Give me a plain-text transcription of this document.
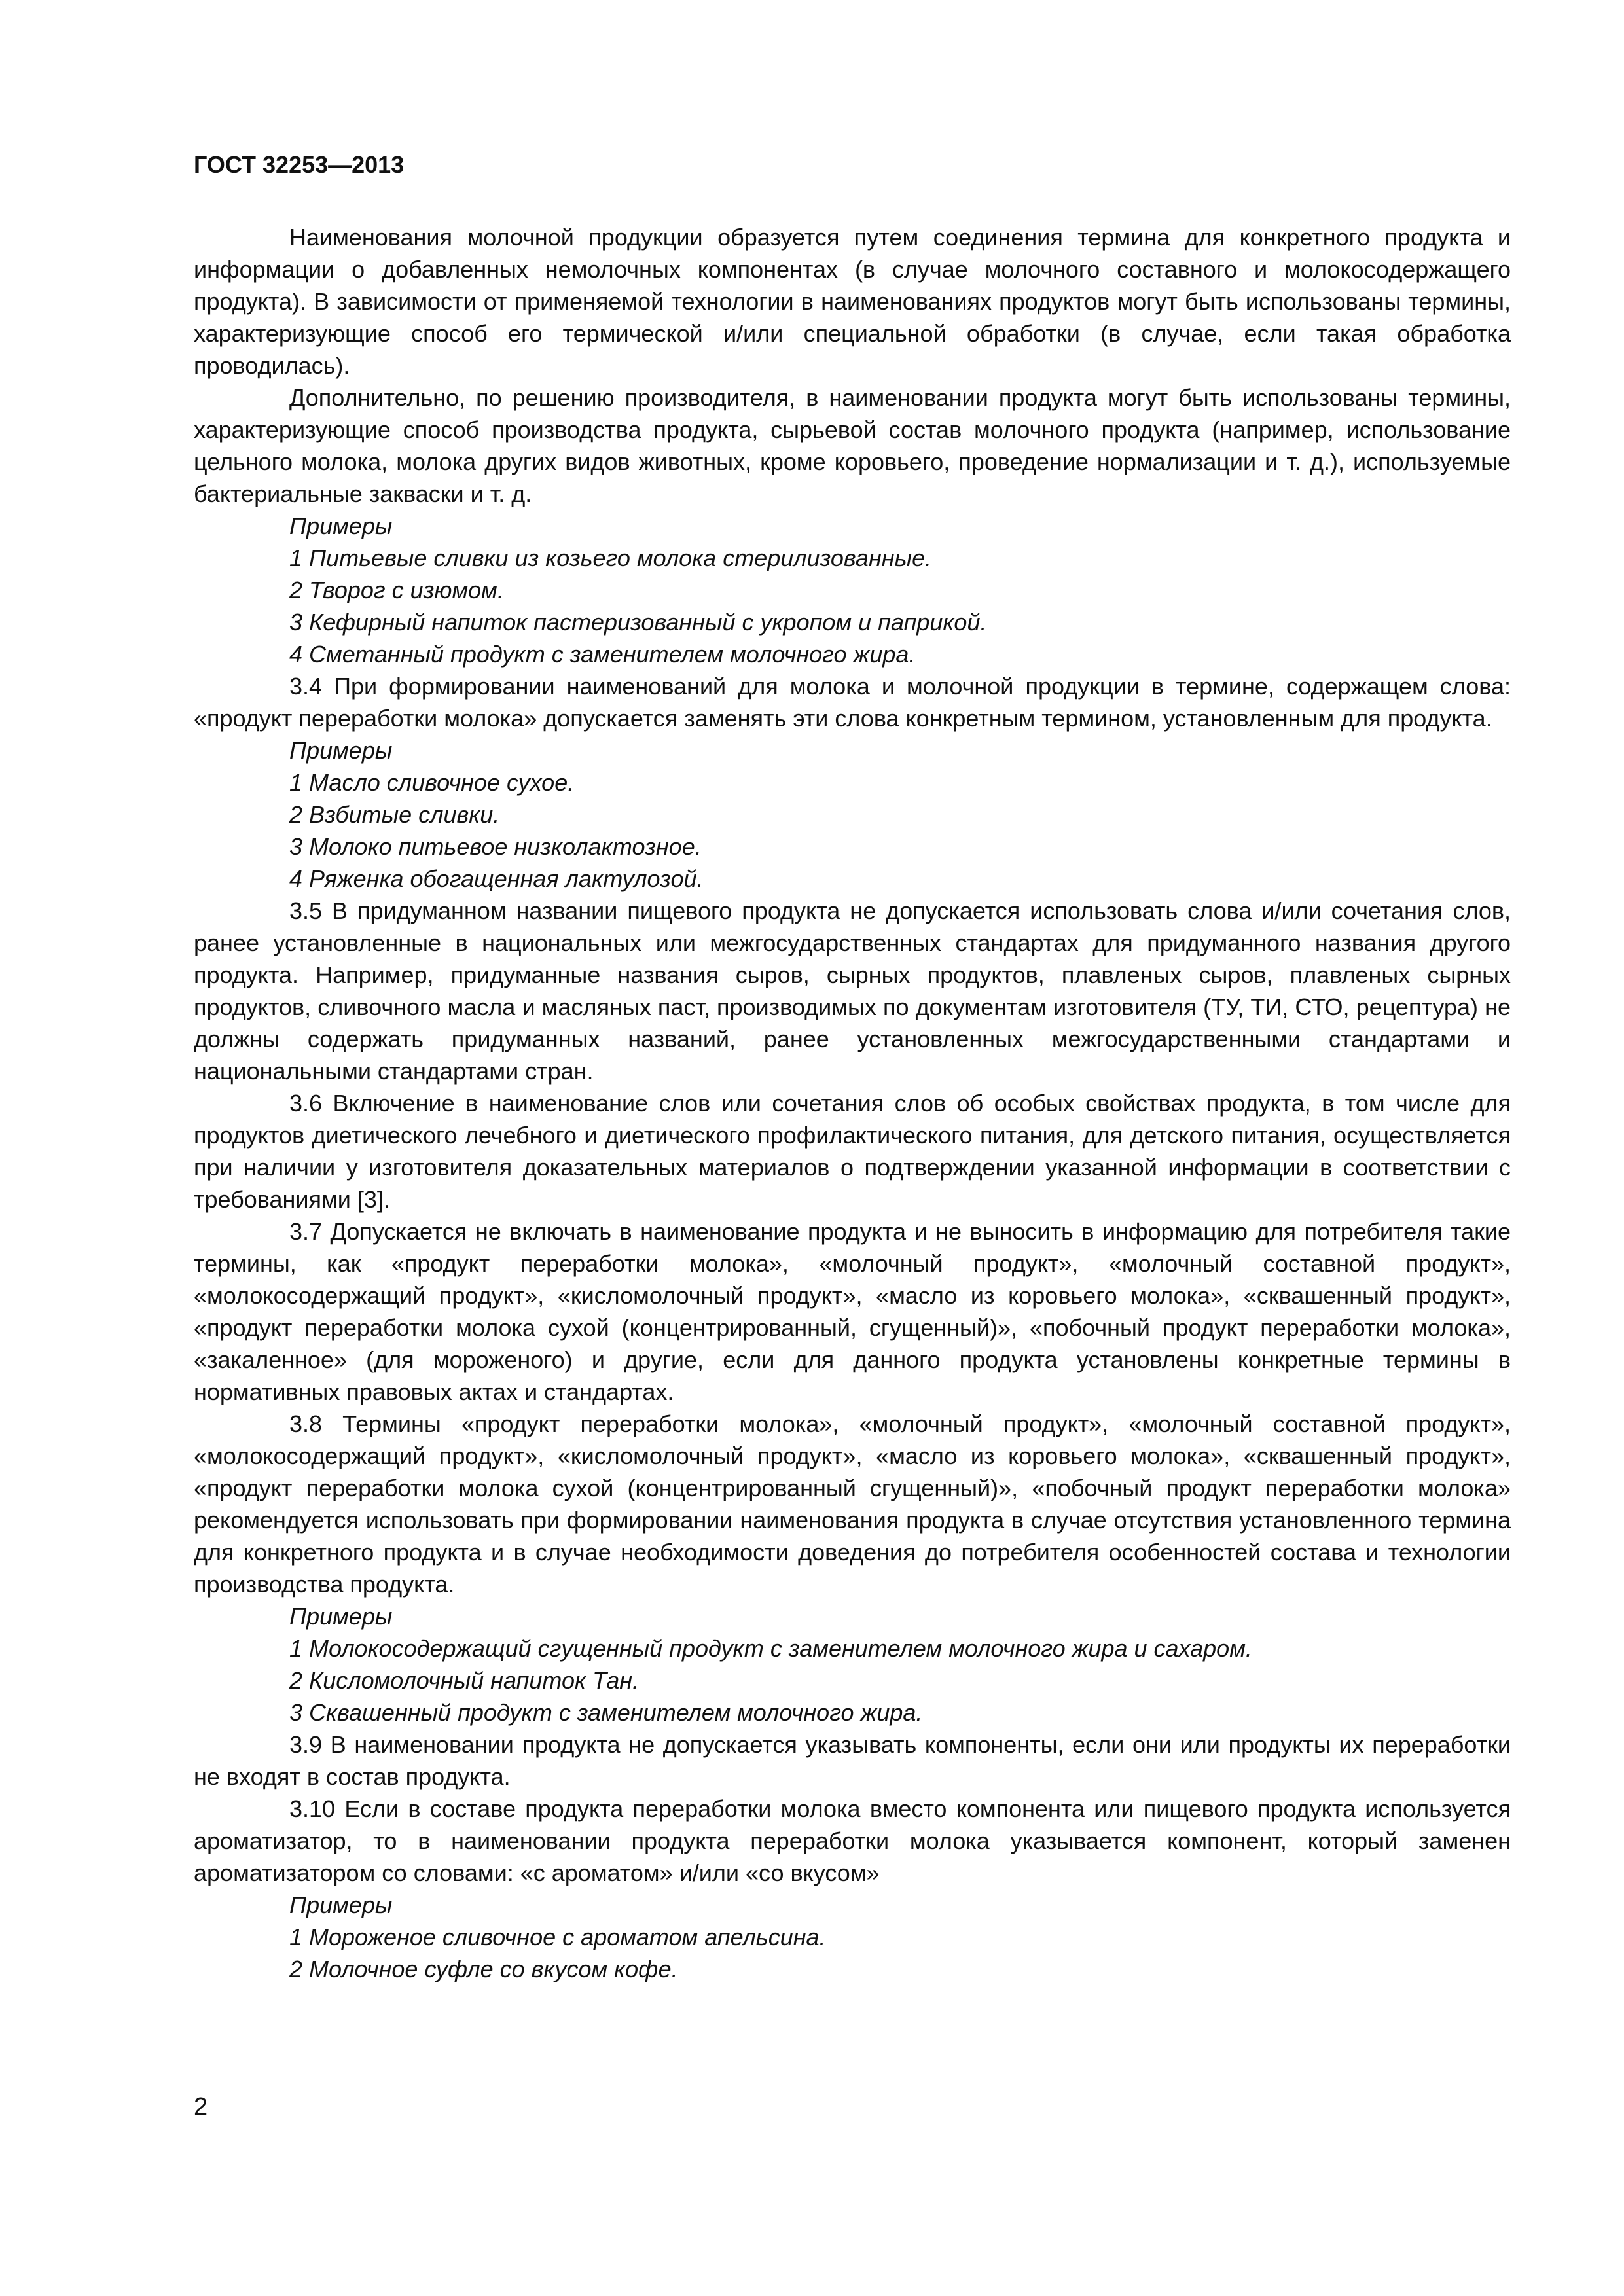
ГОСТ 32253—2013

Наименования молочной продукции образуется путем соединения термина для конкретного продукта и информации о добавленных немолочных компонентах (в случае молочного составного и молокосодержащего продукта). В зависимости от применяемой технологии в наименованиях продуктов могут быть использованы термины, характеризующие способ его термической и/или специальной обработки (в случае, если такая обработка проводилась).

Дополнительно, по решению производителя, в наименовании продукта могут быть использованы термины, характеризующие способ производства продукта, сырьевой состав молочного продукта (например, использование цельного молока, молока других видов животных, кроме коровьего, проведение нормализации и т. д.), используемые бактериальные закваски и т. д.

Примеры

1 Питьевые сливки из козьего молока стерилизованные.

2 Творог с изюмом.

3 Кефирный напиток пастеризованный с укропом и паприкой.

4 Сметанный продукт с заменителем молочного жира.

3.4 При формировании наименований для молока и молочной продукции в термине, содержащем слова: «продукт переработки молока» допускается заменять эти слова конкретным термином, установленным для продукта.

Примеры

1 Масло сливочное сухое.

2 Взбитые сливки.

3 Молоко питьевое низколактозное.

4 Ряженка обогащенная лактулозой.

3.5 В придуманном названии пищевого продукта не допускается использовать слова и/или сочетания слов, ранее установленные в национальных или межгосударственных стандартах для придуманного названия другого продукта. Например, придуманные названия сыров, сырных продуктов, плавленых сыров, плавленых сырных продуктов, сливочного масла и масляных паст, производимых по документам изготовителя (ТУ, ТИ, СТО, рецептура) не должны содержать придуманных названий, ранее установленных межгосударственными стандартами и национальными стандартами стран.

3.6 Включение в наименование слов или сочетания слов об особых свойствах продукта, в том числе для продуктов диетического лечебного и диетического профилактического питания, для детского питания, осуществляется при наличии у изготовителя доказательных материалов о подтверждении указанной информации в соответствии с требованиями [3].

3.7 Допускается не включать в наименование продукта и не выносить в информацию для потребителя такие термины, как «продукт переработки молока», «молочный продукт», «молочный составной продукт», «молокосодержащий продукт», «кисломолочный продукт», «масло из коровьего молока», «сквашенный продукт», «продукт переработки молока сухой (концентрированный, сгущенный)», «побочный продукт переработки молока», «закаленное» (для мороженого) и другие, если для данного продукта установлены конкретные термины в нормативных правовых актах и стандартах.

3.8 Термины «продукт переработки молока», «молочный продукт», «молочный составной продукт», «молокосодержащий продукт», «кисломолочный продукт», «масло из коровьего молока», «сквашенный продукт», «продукт переработки молока сухой (концентрированный сгущенный)», «побочный продукт переработки молока» рекомендуется использовать при формировании наименования продукта в случае отсутствия установленного термина для конкретного продукта и в случае необходимости доведения до потребителя особенностей состава и технологии производства продукта.

Примеры

1 Молокосодержащий сгущенный продукт с заменителем молочного жира и сахаром.

2 Кисломолочный напиток Тан.

3 Сквашенный продукт с заменителем молочного жира.

3.9 В наименовании продукта не допускается указывать компоненты, если они или продукты их переработки не входят в состав продукта.

3.10 Если в составе продукта переработки молока вместо компонента или пищевого продукта используется ароматизатор, то в наименовании продукта переработки молока указывается компонент, который заменен ароматизатором со словами: «с ароматом» и/или «со вкусом»

Примеры

1 Мороженое сливочное с ароматом апельсина.

2 Молочное суфле со вкусом кофе.

2
